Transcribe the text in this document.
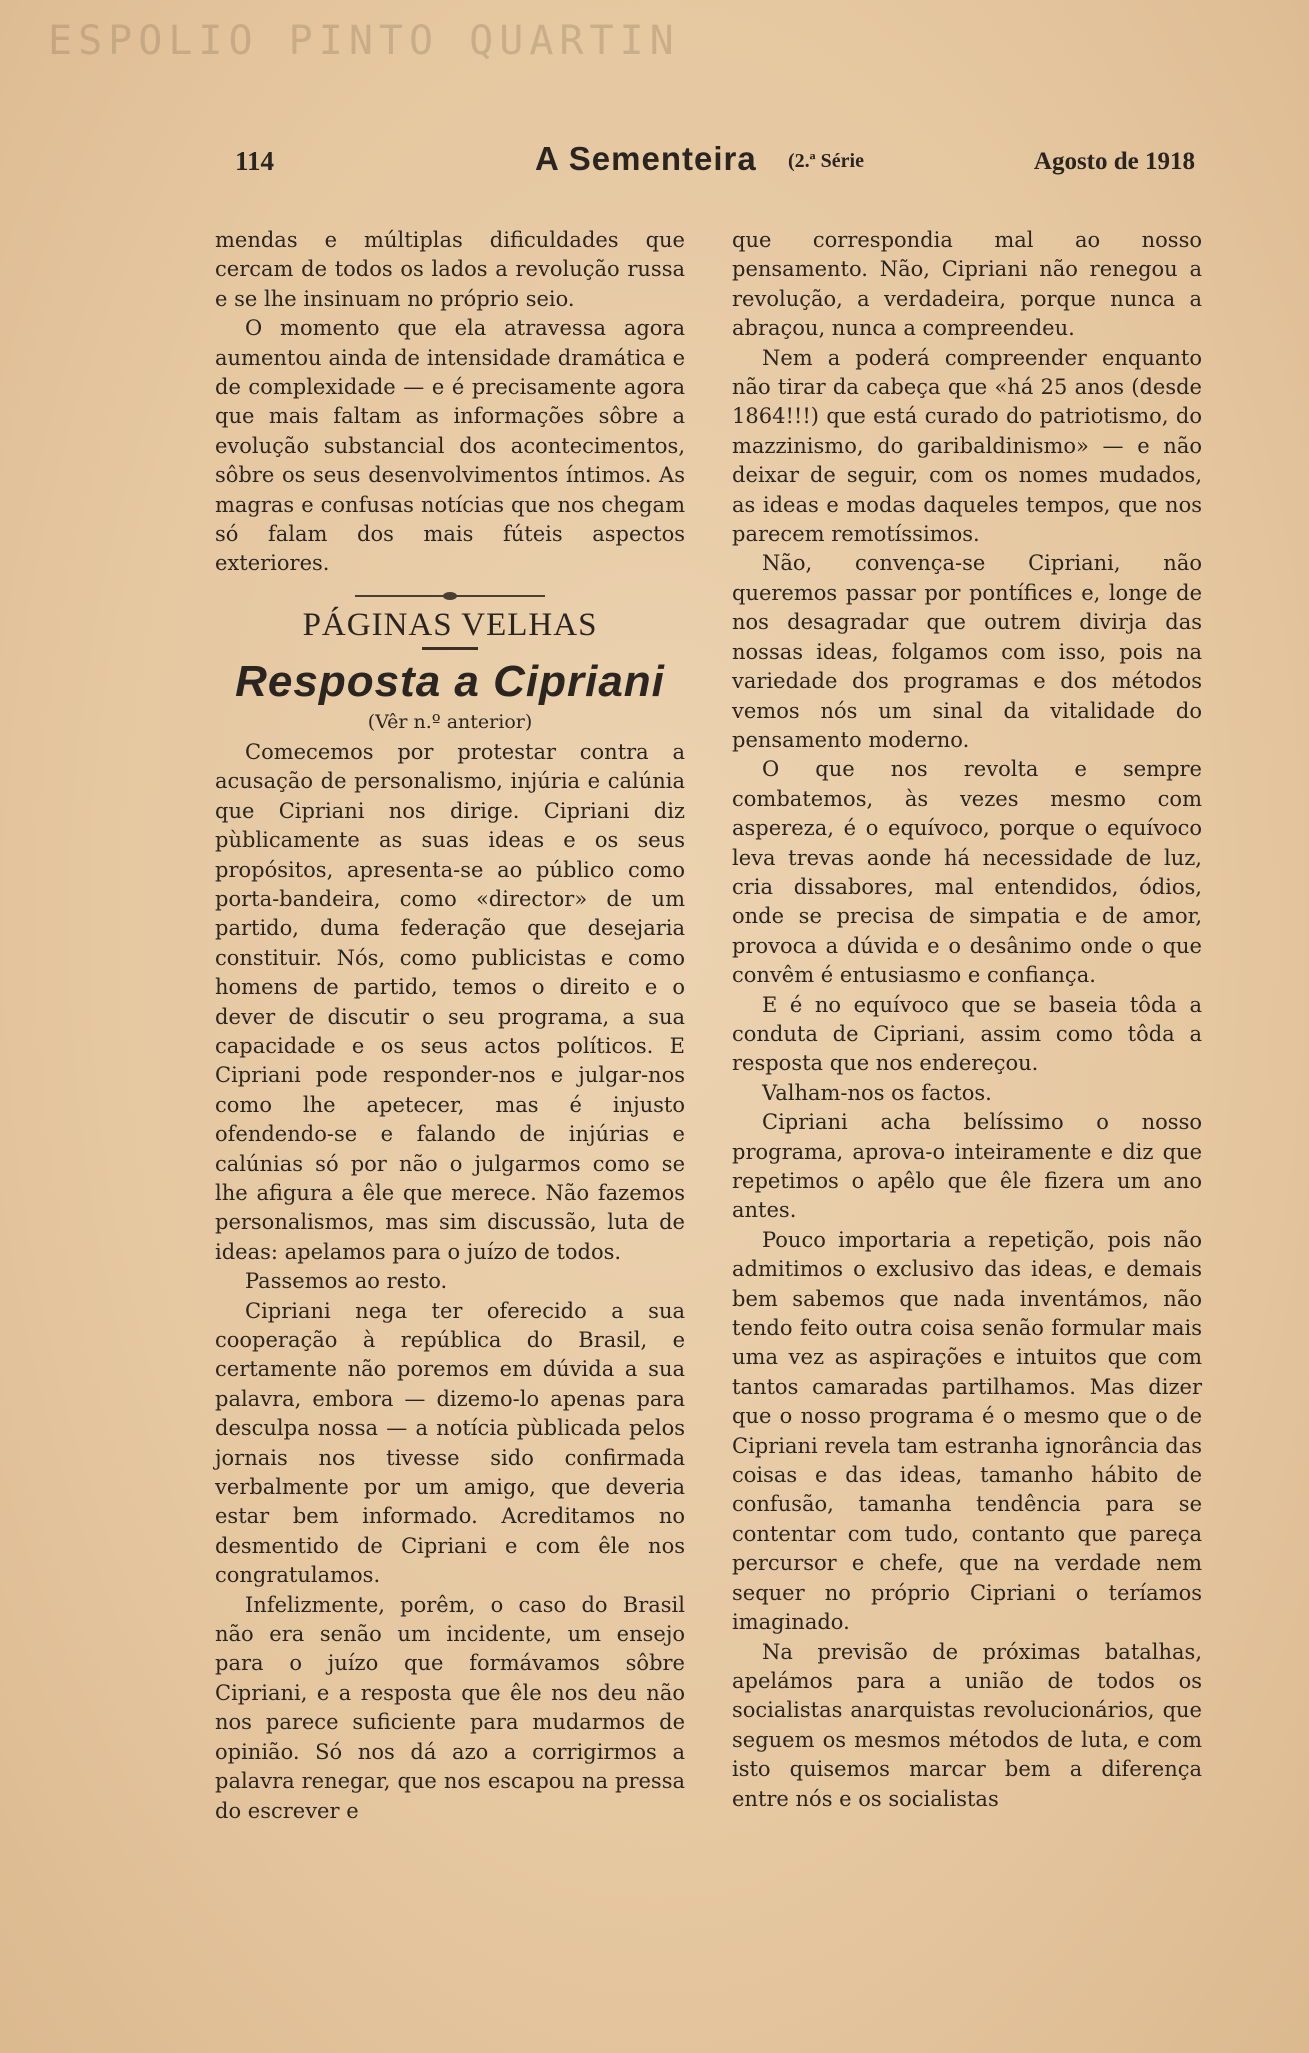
ESPOLIO PINTO QUARTIN
114	A Sementeira (2.ª Série	Agosto de 1918

mendas e múltiplas dificuldades que cercam de todos os lados a revolução russa e se lhe insinuam no próprio seio.

O momento que ela atravessa agora aumentou ainda de intensidade dramática e de complexidade — e é precisamente agora que mais faltam as informações sôbre a evolução substancial dos acontecimentos, sôbre os seus desenvolvimentos íntimos. As magras e confusas notícias que nos chegam só falam dos mais fúteis aspectos exteriores.

PÁGINAS VELHAS
Resposta a Cipriani
(Vêr n.º anterior)

Comecemos por protestar contra a acusação de personalismo, injúria e calúnia que Cipriani nos dirige. Cipriani diz pùblicamente as suas ideas e os seus propósitos, apresenta-se ao público como porta-bandeira, como «director» de um partido, duma federação que desejaria constituir. Nós, como publicistas e como homens de partido, temos o direito e o dever de discutir o seu programa, a sua capacidade e os seus actos políticos. E Cipriani pode responder-nos e julgar-nos como lhe apetecer, mas é injusto ofendendo-se e falando de injúrias e calúnias só por não o julgarmos como se lhe afigura a êle que merece. Não fazemos personalismos, mas sim discussão, luta de ideas: apelamos para o juízo de todos.

Passemos ao resto.

Cipriani nega ter oferecido a sua cooperação à república do Brasil, e certamente não poremos em dúvida a sua palavra, embora — dizemo-lo apenas para desculpa nossa — a notícia pùblicada pelos jornais nos tivesse sido confirmada verbalmente por um amigo, que deveria estar bem informado. Acreditamos no desmentido de Cipriani e com êle nos congratulamos.

Infelizmente, porêm, o caso do Brasil não era senão um incidente, um ensejo para o juízo que formávamos sôbre Cipriani, e a resposta que êle nos deu não nos parece suficiente para mudarmos de opinião. Só nos dá azo a corrigirmos a palavra renegar, que nos escapou na pressa do escrever e

que correspondia mal ao nosso pensamento. Não, Cipriani não renegou a revolução, a verdadeira, porque nunca a abraçou, nunca a compreendeu.

Nem a poderá compreender enquanto não tirar da cabeça que «há 25 anos (desde 1864!!!) que está curado do patriotismo, do mazzinismo, do garibaldinismo» — e não deixar de seguir, com os nomes mudados, as ideas e modas daqueles tempos, que nos parecem remotíssimos.

Não, convença-se Cipriani, não queremos passar por pontífices e, longe de nos desagradar que outrem divirja das nossas ideas, folgamos com isso, pois na variedade dos programas e dos métodos vemos nós um sinal da vitalidade do pensamento moderno.

O que nos revolta e sempre combatemos, às vezes mesmo com aspereza, é o equívoco, porque o equívoco leva trevas aonde há necessidade de luz, cria dissabores, mal entendidos, ódios, onde se precisa de simpatia e de amor, provoca a dúvida e o desânimo onde o que convêm é entusiasmo e confiança.

E é no equívoco que se baseia tôda a conduta de Cipriani, assim como tôda a resposta que nos endereçou.

Valham-nos os factos.

Cipriani acha belíssimo o nosso programa, aprova-o inteiramente e diz que repetimos o apêlo que êle fizera um ano antes.

Pouco importaria a repetição, pois não admitimos o exclusivo das ideas, e demais bem sabemos que nada inventámos, não tendo feito outra coisa senão formular mais uma vez as aspirações e intuitos que com tantos camaradas partilhamos. Mas dizer que o nosso programa é o mesmo que o de Cipriani revela tam estranha ignorância das coisas e das ideas, tamanho hábito de confusão, tamanha tendência para se contentar com tudo, contanto que pareça percursor e chefe, que na verdade nem sequer no próprio Cipriani o teríamos imaginado.

Na previsão de próximas batalhas, apelámos para a união de todos os socialistas anarquistas revolucionários, que seguem os mesmos métodos de luta, e com isto quisemos marcar bem a diferença entre nós e os socialistas
